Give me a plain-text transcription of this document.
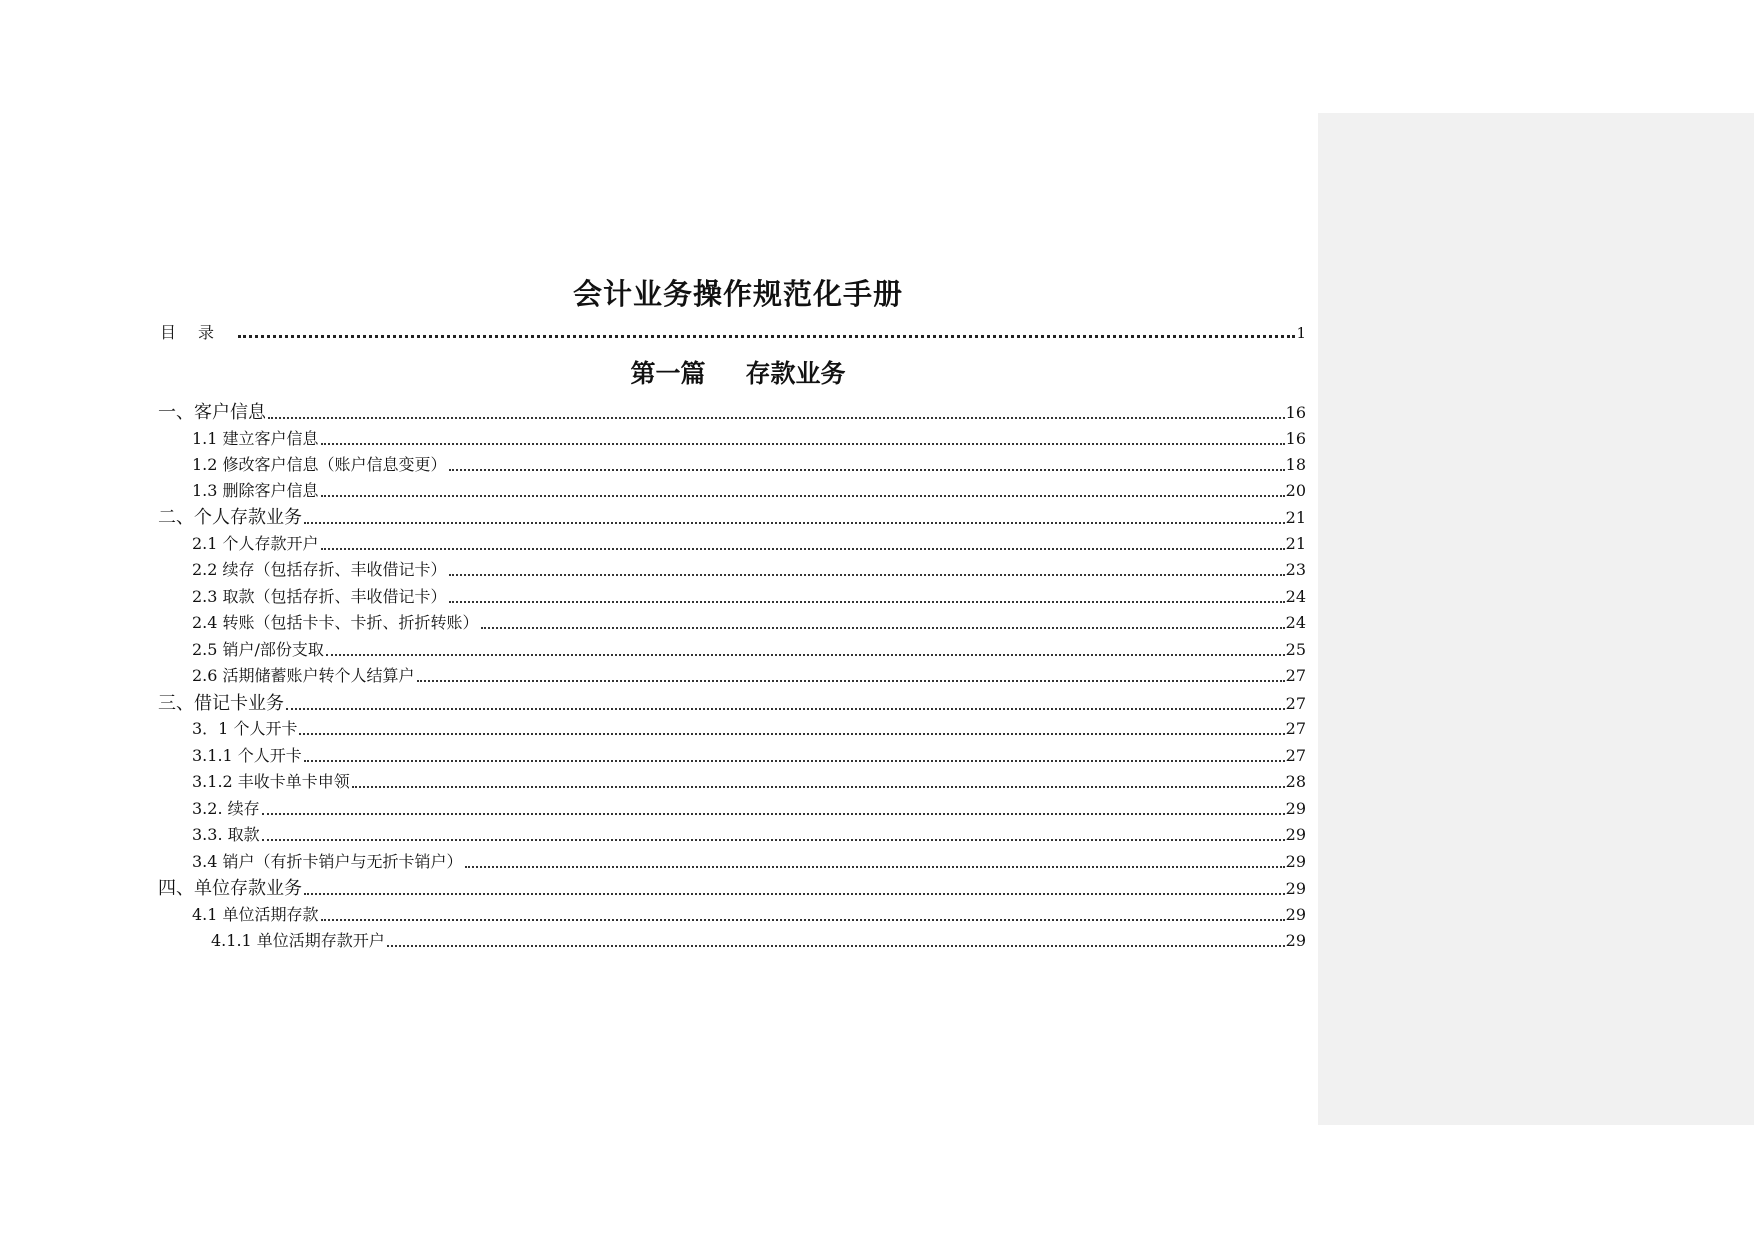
会计业务操作规范化手册
目录	1
第一篇 存款业务
一、客户信息	16
1.1 建立客户信息	16
1.2 修改客户信息（账户信息变更）	18
1.3 删除客户信息	20
二、个人存款业务	21
2.1 个人存款开户	21
2.2 续存（包括存折、丰收借记卡）	23
2.3 取款（包括存折、丰收借记卡）	24
2.4 转账（包括卡卡、卡折、折折转账）	24
2.5 销户/部份支取	25
2.6 活期储蓄账户转个人结算户	27
三、借记卡业务	27
3．1 个人开卡	27
3.1.1 个人开卡	27
3.1.2 丰收卡单卡申领	28
3.2. 续存	29
3.3. 取款	29
3.4 销户（有折卡销户与无折卡销户）	29
四、单位存款业务	29
4.1 单位活期存款	29
4.1.1 单位活期存款开户	29
